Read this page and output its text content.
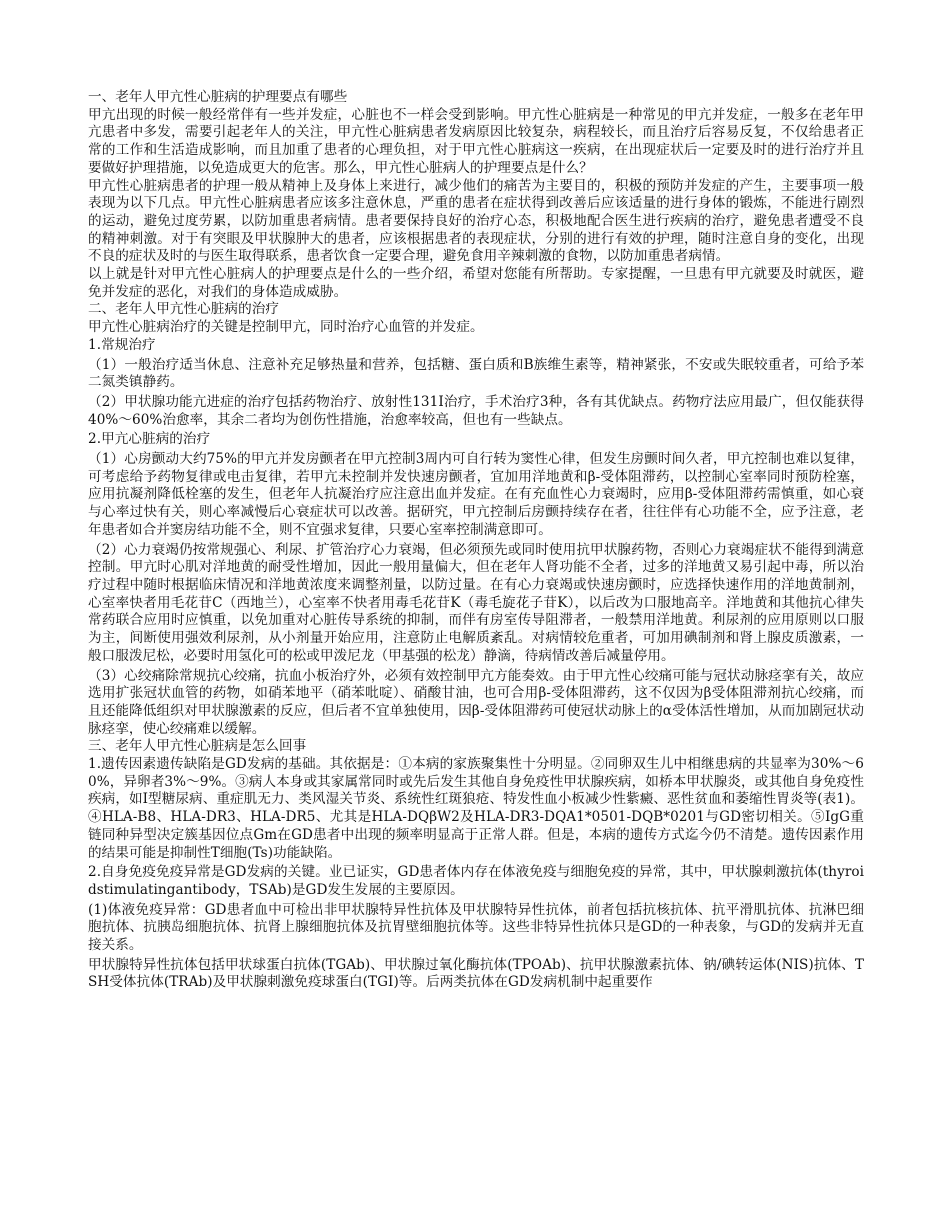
一、老年人甲亢性心脏病的护理要点有哪些

甲亢出现的时候一般经常伴有一些并发症，心脏也不一样会受到影响。甲亢性心脏病是一种常见的甲亢并发症，一般多在老年甲亢患者中多发，需要引起老年人的关注，甲亢性心脏病患者发病原因比较复杂，病程较长，而且治疗后容易反复，不仅给患者正常的工作和生活造成影响，而且加重了患者的心理负担，对于甲亢性心脏病这一疾病，在出现症状后一定要及时的进行治疗并且要做好护理措施，以免造成更大的危害。那么，甲亢性心脏病人的护理要点是什么？

甲亢性心脏病患者的护理一般从精神上及身体上来进行，减少他们的痛苦为主要目的，积极的预防并发症的产生，主要事项一般表现为以下几点。甲亢性心脏病患者应该多注意休息，严重的患者在症状得到改善后应该适量的进行身体的锻炼，不能进行剧烈的运动，避免过度劳累，以防加重患者病情。患者要保持良好的治疗心态，积极地配合医生进行疾病的治疗，避免患者遭受不良的精神刺激。对于有突眼及甲状腺肿大的患者，应该根据患者的表现症状，分别的进行有效的护理，随时注意自身的变化，出现不良的症状及时的与医生取得联系，患者饮食一定要合理，避免食用辛辣刺激的食物，以防加重患者病情。

以上就是针对甲亢性心脏病人的护理要点是什么的一些介绍，希望对您能有所帮助。专家提醒，一旦患有甲亢就要及时就医，避免并发症的恶化，对我们的身体造成威胁。

二、老年人甲亢性心脏病的治疗

甲亢性心脏病治疗的关键是控制甲亢，同时治疗心血管的并发症。

1.常规治疗

（1）一般治疗适当休息、注意补充足够热量和营养，包括糖、蛋白质和B族维生素等，精神紧张，不安或失眠较重者，可给予苯二氮类镇静药。

（2）甲状腺功能亢进症的治疗包括药物治疗、放射性131Ⅰ治疗，手术治疗3种，各有其优缺点。药物疗法应用最广，但仅能获得40%～60%治愈率，其余二者均为创伤性措施，治愈率较高，但也有一些缺点。

2.甲亢心脏病的治疗

（1）心房颤动大约75%的甲亢并发房颤者在甲亢控制3周内可自行转为窦性心律，但发生房颤时间久者，甲亢控制也难以复律，可考虑给予药物复律或电击复律，若甲亢未控制并发快速房颤者，宜加用洋地黄和β-受体阻滞药，以控制心室率同时预防栓塞，应用抗凝剂降低栓塞的发生，但老年人抗凝治疗应注意出血并发症。在有充血性心力衰竭时，应用β-受体阻滞药需慎重，如心衰与心率过快有关，则心率减慢后心衰症状可以改善。据研究，甲亢控制后房颤持续存在者，往往伴有心功能不全，应予注意，老年患者如合并窦房结功能不全，则不宜强求复律，只要心室率控制满意即可。

（2）心力衰竭仍按常规强心、利尿、扩管治疗心力衰竭，但必须预先或同时使用抗甲状腺药物，否则心力衰竭症状不能得到满意控制。甲亢时心肌对洋地黄的耐受性增加，因此一般用量偏大，但在老年人肾功能不全者，过多的洋地黄又易引起中毒，所以治疗过程中随时根据临床情况和洋地黄浓度来调整剂量，以防过量。在有心力衰竭或快速房颤时，应选择快速作用的洋地黄制剂，心室率快者用毛花苷C（西地兰），心室率不快者用毒毛花苷K（毒毛旋花子苷K），以后改为口服地高辛。洋地黄和其他抗心律失常药联合应用时应慎重，以免加重对心脏传导系统的抑制，而伴有房室传导阻滞者，一般禁用洋地黄。利尿剂的应用原则以口服为主，间断使用强效利尿剂，从小剂量开始应用，注意防止电解质紊乱。对病情较危重者，可加用碘制剂和肾上腺皮质激素，一般口服泼尼松，必要时用氢化可的松或甲泼尼龙（甲基强的松龙）静滴，待病情改善后减量停用。

（3）心绞痛除常规抗心绞痛，抗血小板治疗外，必须有效控制甲亢方能奏效。由于甲亢性心绞痛可能与冠状动脉痉挛有关，故应选用扩张冠状血管的药物，如硝苯地平（硝苯吡啶）、硝酸甘油，也可合用β-受体阻滞药，这不仅因为β受体阻滞剂抗心绞痛，而且还能降低组织对甲状腺激素的反应，但后者不宜单独使用，因β-受体阻滞药可使冠状动脉上的α受体活性增加，从而加剧冠状动脉痉挛，使心绞痛难以缓解。

三、老年人甲亢性心脏病是怎么回事

1.遗传因素遗传缺陷是GD发病的基础。其依据是：①本病的家族聚集性十分明显。②同卵双生儿中相继患病的共显率为30%～60%，异卵者3%～9%。③病人本身或其家属常同时或先后发生其他自身免疫性甲状腺疾病，如桥本甲状腺炎，或其他自身免疫性疾病，如Ⅰ型糖尿病、重症肌无力、类风湿关节炎、系统性红斑狼疮、特发性血小板减少性紫癜、恶性贫血和萎缩性胃炎等(表1)。④HLA-B8、HLA-DR3、HLA-DR5、尤其是HLA-DQβW2及HLA-DR3-DQA1*0501-DQB*0201与GD密切相关。⑤IgG重链同种异型决定簇基因位点Gm在GD患者中出现的频率明显高于正常人群。但是，本病的遗传方式迄今仍不清楚。遗传因素作用的结果可能是抑制性T细胞(Ts)功能缺陷。

2.自身免疫免疫异常是GD发病的关键。业已证实，GD患者体内存在体液免疫与细胞免疫的异常，其中，甲状腺刺激抗体(thyroidstimulatingantibody，TSAb)是GD发生发展的主要原因。

(1)体液免疫异常：GD患者血中可检出非甲状腺特异性抗体及甲状腺特异性抗体，前者包括抗核抗体、抗平滑肌抗体、抗淋巴细胞抗体、抗胰岛细胞抗体、抗肾上腺细胞抗体及抗胃壁细胞抗体等。这些非特异性抗体只是GD的一种表象，与GD的发病并无直接关系。

甲状腺特异性抗体包括甲状球蛋白抗体(TGAb)、甲状腺过氧化酶抗体(TPOAb)、抗甲状腺激素抗体、钠/碘转运体(NIS)抗体、TSH受体抗体(TRAb)及甲状腺刺激免疫球蛋白(TGI)等。后两类抗体在GD发病机制中起重要作
